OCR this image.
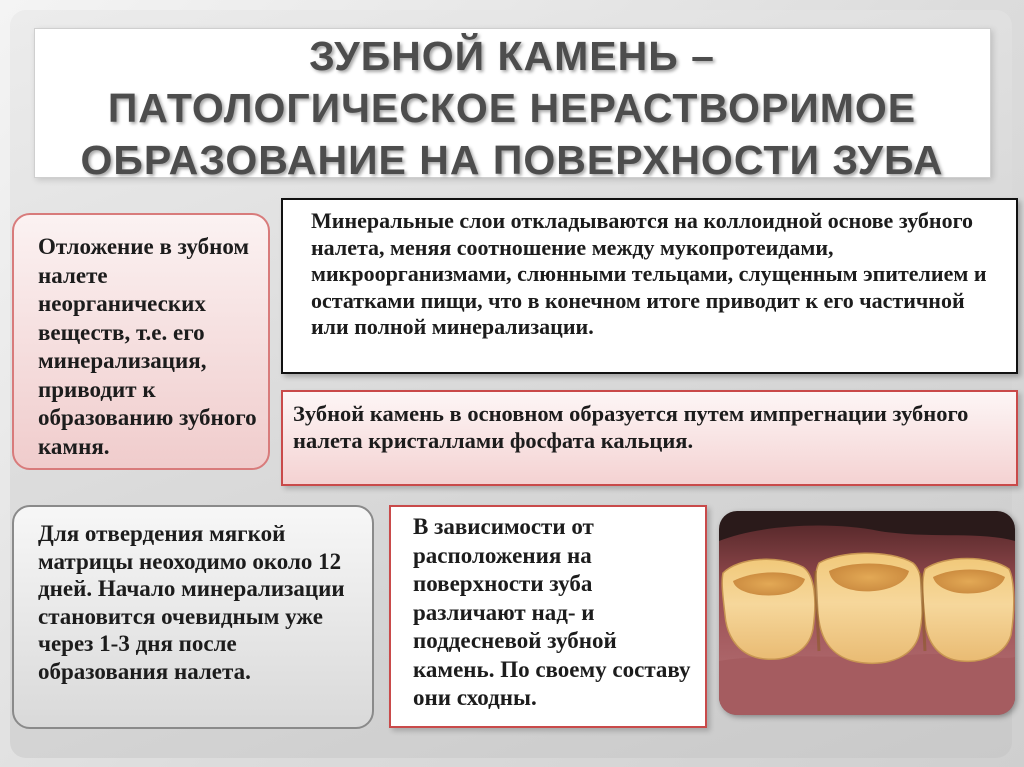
ЗУБНОЙ КАМЕНЬ –
ПАТОЛОГИЧЕСКОЕ НЕРАСТВОРИМОЕ
ОБРАЗОВАНИЕ НА ПОВЕРХНОСТИ ЗУБА

Отложение в зубном налете неорганических веществ, т.е. его минерализация, приводит к образованию зубного камня.

Минеральные слои откладываются на коллоидной основе зубного налета, меняя соотношение между мукопротеидами, микроорганизмами, слюнными тельцами, слущенным эпителием и остатками пищи, что в конечном итоге приводит к его частичной или полной минерализации.

Зубной камень в основном образуется путем импрегнации зубного налета кристаллами фосфата кальция.

Для отвердения мягкой матрицы неоходимо около 12 дней. Начало минерализации становится очевидным уже через 1-3 дня после образования налета.

В зависимости от расположения на поверхности зуба различают над- и поддесневой зубной камень. По своему составу они сходны.
